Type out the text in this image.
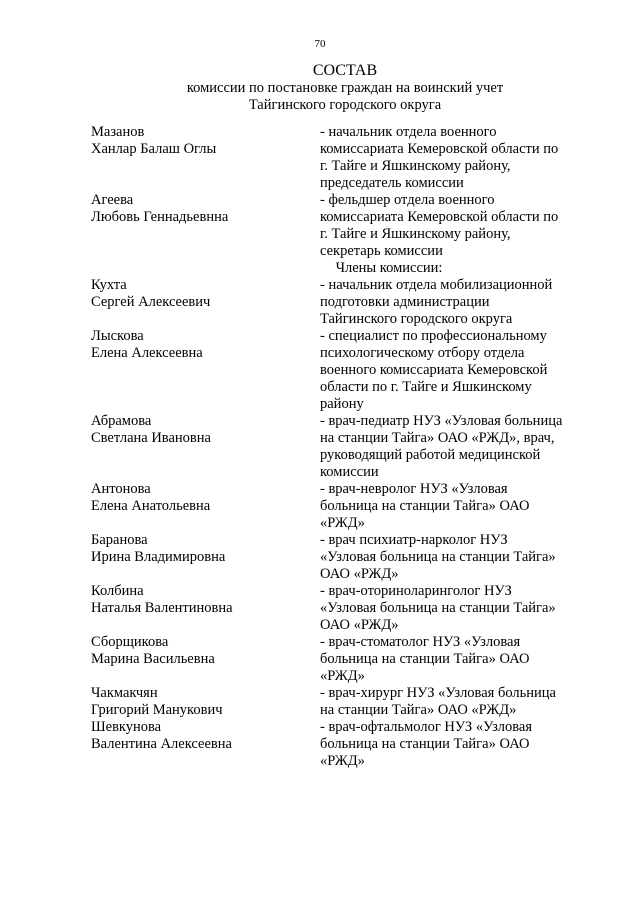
70
СОСТАВ
комиссии по постановке граждан на воинский учет
Тайгинского городского округа
Мазанов
Ханлар Балаш Оглы
- начальник отдела военного
комиссариата Кемеровской области по
г. Тайге и Яшкинскому району,
председатель комиссии
Агеева
Любовь Геннадьевнна
- фельдшер отдела военного
комиссариата Кемеровской области по
г. Тайге и Яшкинскому району,
секретарь комиссии
Члены комиссии:
Кухта
Сергей Алексеевич
- начальник отдела мобилизационной
подготовки администрации
Тайгинского городского округа
Лыскова
Елена Алексеевна
- специалист по профессиональному
психологическому отбору отдела
военного комиссариата Кемеровской
области по г. Тайге и Яшкинскому
району
Абрамова
Светлана Ивановна
- врач-педиатр НУЗ «Узловая больница
на станции Тайга» ОАО «РЖД», врач,
руководящий работой медицинской
комиссии
Антонова
Елена Анатольевна
- врач-невролог НУЗ «Узловая
больница на станции Тайга» ОАО
«РЖД»
Баранова
Ирина Владимировна
- врач психиатр-нарколог НУЗ
«Узловая больница на станции Тайга»
ОАО «РЖД»
Колбина
Наталья Валентиновна
- врач-оториноларинголог НУЗ
«Узловая больница на станции Тайга»
ОАО «РЖД»
Сборщикова
Марина Васильевна
- врач-стоматолог НУЗ «Узловая
больница на станции Тайга» ОАО
«РЖД»
Чакмакчян
Григорий Манукович
- врач-хирург НУЗ «Узловая больница
на станции Тайга» ОАО «РЖД»
Шевкунова
Валентина Алексеевна
- врач-офтальмолог НУЗ «Узловая
больница на станции Тайга» ОАО
«РЖД»
